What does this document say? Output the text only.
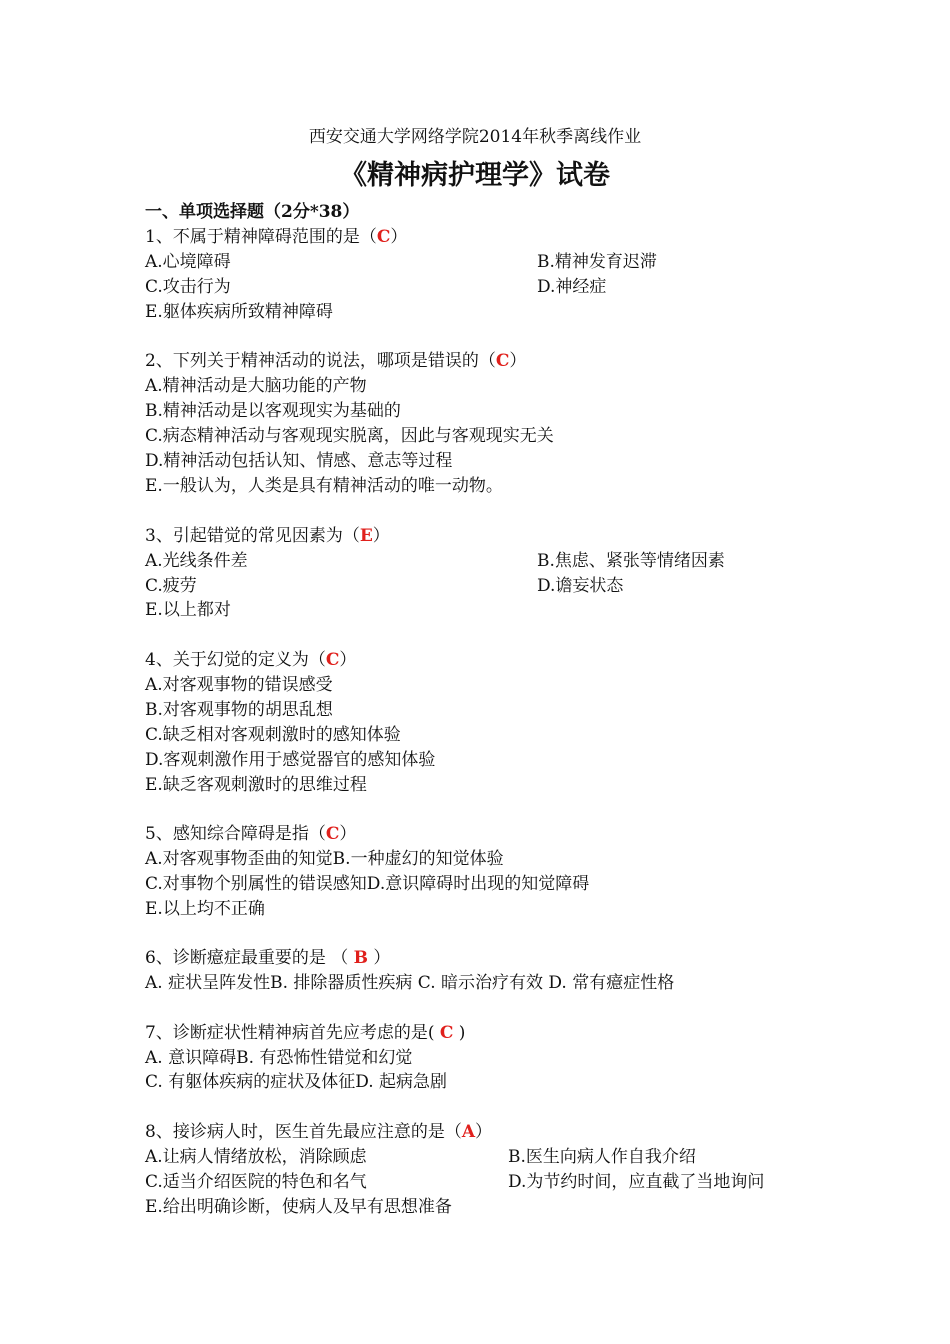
西安交通大学网络学院2014年秋季离线作业
《精神病护理学》试卷
一、单项选择题（2分*38）
1、不属于精神障碍范围的是（C）
A.心境障碍	B.精神发育迟滞
C.攻击行为	D.神经症
E.躯体疾病所致精神障碍
2、下列关于精神活动的说法，哪项是错误的（C）
A.精神活动是大脑功能的产物
B.精神活动是以客观现实为基础的
C.病态精神活动与客观现实脱离，因此与客观现实无关
D.精神活动包括认知、情感、意志等过程
E.一般认为，人类是具有精神活动的唯一动物。
3、引起错觉的常见因素为（E）
A.光线条件差	B.焦虑、紧张等情绪因素
C.疲劳	D.谵妄状态
E.以上都对
4、关于幻觉的定义为（C）
A.对客观事物的错误感受
B.对客观事物的胡思乱想
C.缺乏相对客观刺激时的感知体验
D.客观刺激作用于感觉器官的感知体验
E.缺乏客观刺激时的思维过程
5、感知综合障碍是指（C）
A.对客观事物歪曲的知觉B.一种虚幻的知觉体验
C.对事物个别属性的错误感知D.意识障碍时出现的知觉障碍
E.以上均不正确
6、诊断癔症最重要的是 （ B ）
A. 症状呈阵发性B. 排除器质性疾病 C. 暗示治疗有效 D. 常有癔症性格
7、诊断症状性精神病首先应考虑的是( C )
A. 意识障碍B. 有恐怖性错觉和幻觉
C. 有躯体疾病的症状及体征D. 起病急剧
8、接诊病人时，医生首先最应注意的是（A）
A.让病人情绪放松，消除顾虑	B.医生向病人作自我介绍
C.适当介绍医院的特色和名气	D.为节约时间，应直截了当地询问
E.给出明确诊断，使病人及早有思想准备
